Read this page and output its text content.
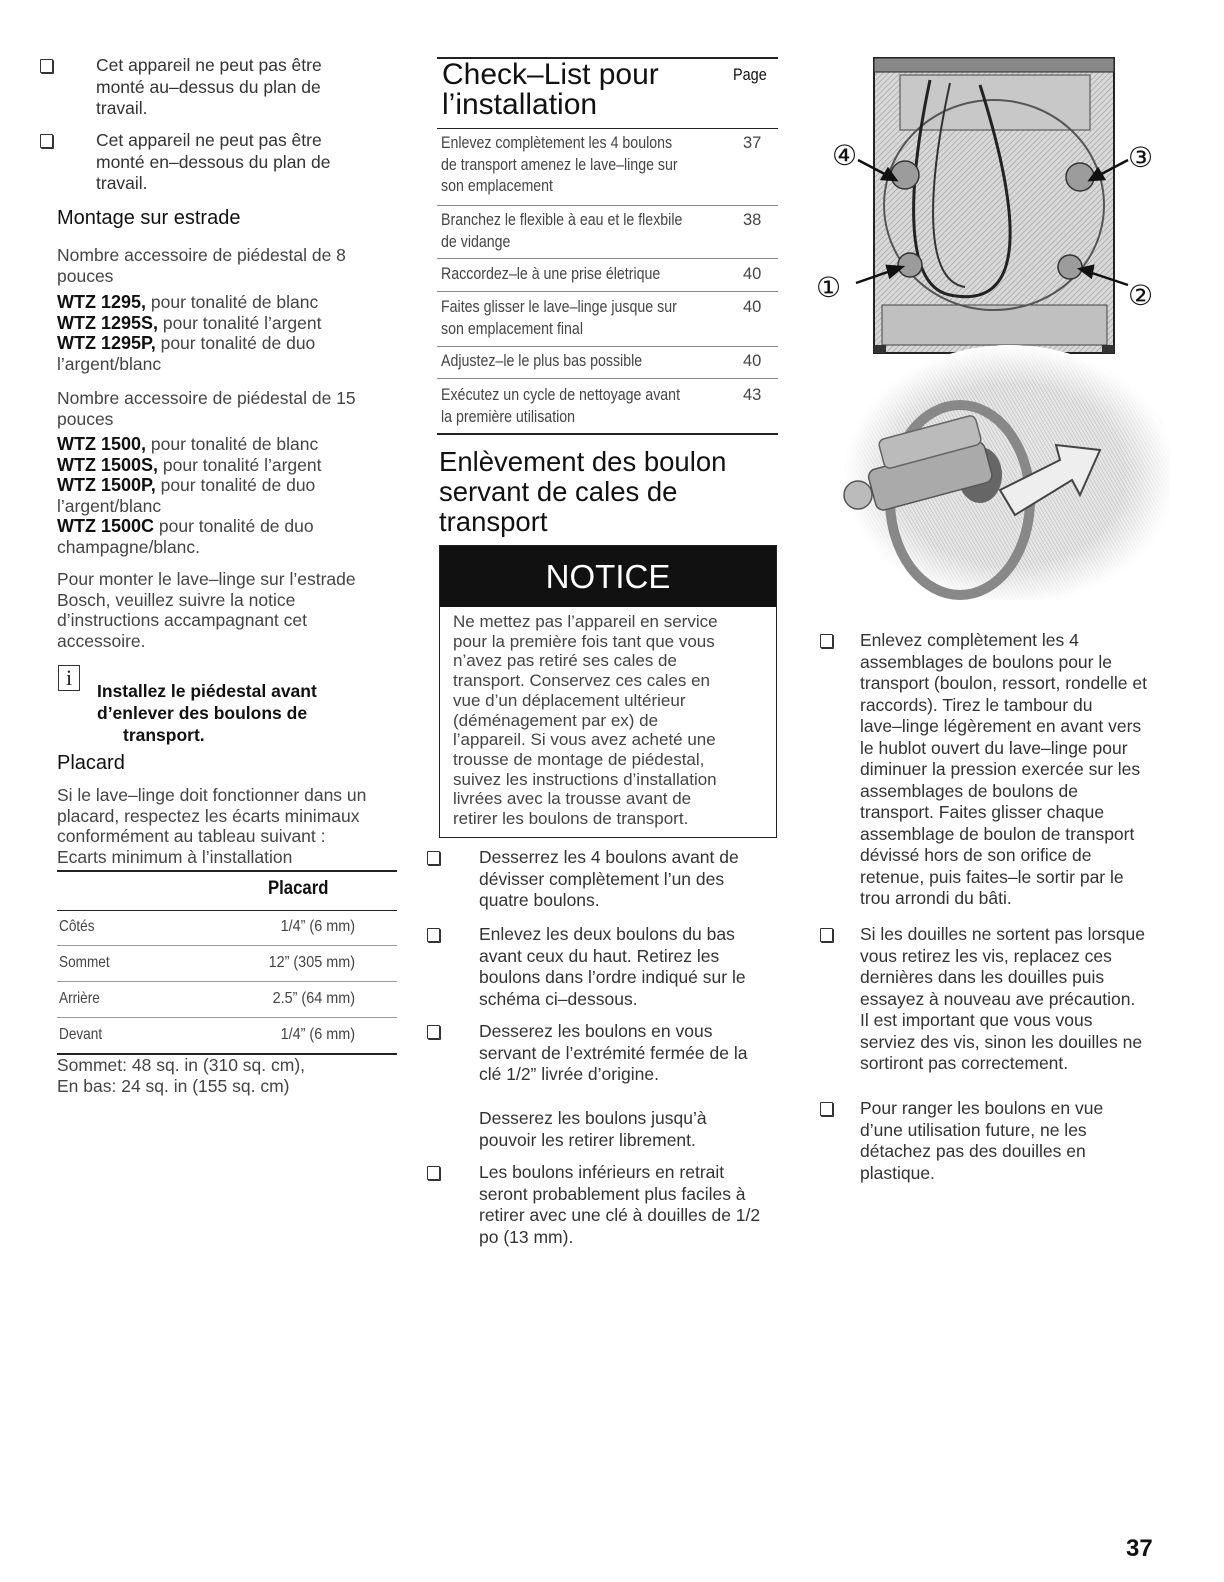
Cet appareil ne peut pas être
monté au–dessus du plan de
travail.
Cet appareil ne peut pas être
monté en–dessous du plan de
travail.
Montage sur estrade
Nombre accessoire de piédestal de 8
pouces
WTZ 1295, pour tonalité de blanc
WTZ 1295S, pour tonalité l’argent
WTZ 1295P, pour tonalité de duo
l’argent/blanc
Nombre accessoire de piédestal de 15
pouces
WTZ 1500, pour tonalité de blanc
WTZ 1500S, pour tonalité l’argent
WTZ 1500P, pour tonalité de duo
l’argent/blanc
WTZ 1500C pour tonalité de duo
champagne/blanc.
Pour monter le lave–linge sur l’estrade
Bosch, veuillez suivre la notice
d’instructions accampagnant cet
accessoire.
i
Installez le piédestal avant
d’enlever des boulons de
transport.
Placard
Si le lave–linge doit fonctionner dans un
placard, respectez les écarts minimaux
conformément au tableau suivant :
Ecarts minimum à l’installation
Placard
Côtés	1/4” (6 mm)
Sommet	12” (305 mm)
Arrière	2.5” (64 mm)
Devant	1/4” (6 mm)
Sommet: 48 sq. in (310 sq. cm),
En bas: 24 sq. in (155 sq. cm)
Check–List pour
l’installation
Page
Enlevez complètement les 4 boulons
de transport amenez le lave–linge sur
son emplacement
37
Branchez le flexible à eau et le flexbile
de vidange
38
Raccordez–le à une prise életrique	40
Faites glisser le lave–linge jusque sur
son emplacement final
40
Adjustez–le le plus bas possible	40
Exécutez un cycle de nettoyage avant
la première utilisation
43
Enlèvement des boulon
servant de cales de
transport
NOTICE
Ne mettez pas l’appareil en service
pour la première fois tant que vous
n’avez pas retiré ses cales de
transport. Conservez ces cales en
vue d’un déplacement ultérieur
(déménagement par ex) de
l’appareil. Si vous avez acheté une
trousse de montage de piédestal,
suivez les instructions d’installation
livrées avec la trousse avant de
retirer les boulons de transport.
Desserrez les 4 boulons avant de
dévisser complètement l’un des
quatre boulons.
Enlevez les deux boulons du bas
avant ceux du haut. Retirez les
boulons dans l’ordre indiqué sur le
schéma ci–dessous.
Desserez les boulons en vous
servant de l’extrémité fermée de la
clé 1/2” livrée d’origine.
Desserez les boulons jusqu’à
pouvoir les retirer librement.
Les boulons inférieurs en retrait
seront probablement plus faciles à
retirer avec une clé à douilles de 1/2
po (13 mm).
④	③
①	②
Enlevez complètement les 4
assemblages de boulons pour le
transport (boulon, ressort, rondelle et
raccords). Tirez le tambour du
lave–linge légèrement en avant vers
le hublot ouvert du lave–linge pour
diminuer la pression exercée sur les
assemblages de boulons de
transport. Faites glisser chaque
assemblage de boulon de transport
dévissé hors de son orifice de
retenue, puis faites–le sortir par le
trou arrondi du bâti.
Si les douilles ne sortent pas lorsque
vous retirez les vis, replacez ces
dernières dans les douilles puis
essayez à nouveau ave précaution.
Il est important que vous vous
serviez des vis, sinon les douilles ne
sortiront pas correctement.
Pour ranger les boulons en vue
d’une utilisation future, ne les
détachez pas des douilles en
plastique.
37
